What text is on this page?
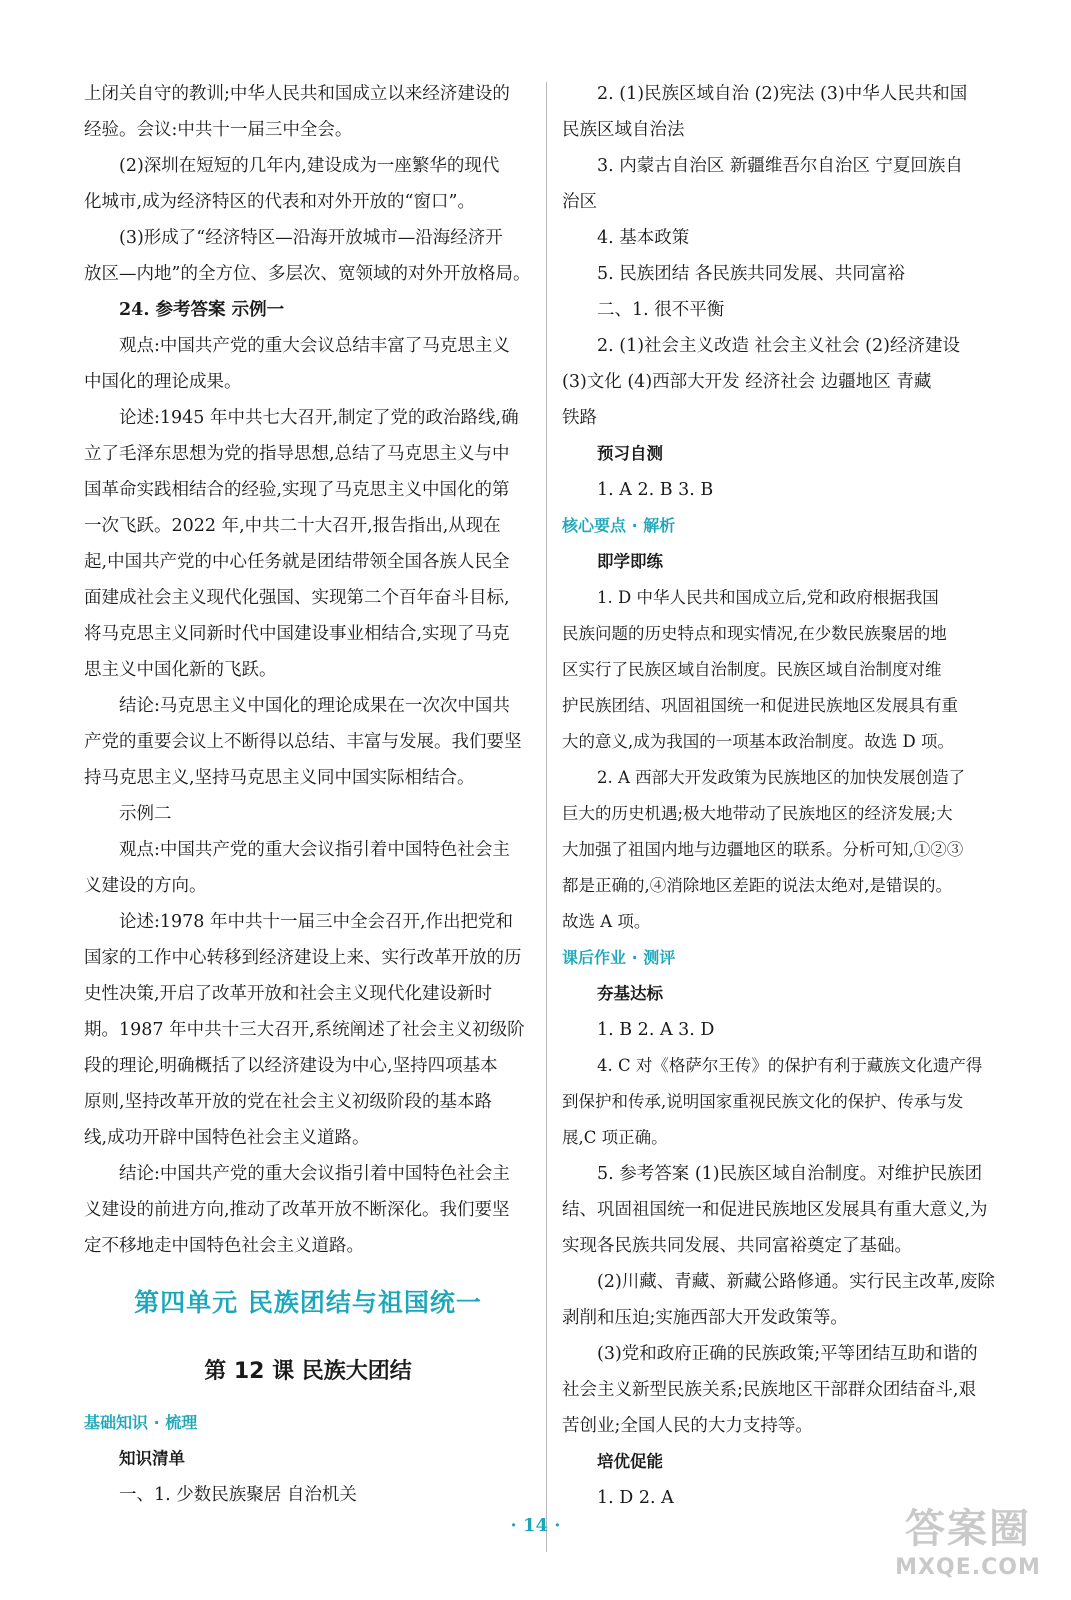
上闭关自守的教训;中华人民共和国成立以来经济建设的
经验。会议:中共十一届三中全会。
(2)深圳在短短的几年内,建设成为一座繁华的现代
化城市,成为经济特区的代表和对外开放的“窗口”。
(3)形成了“经济特区—沿海开放城市—沿海经济开
放区—内地”的全方位、多层次、宽领域的对外开放格局。
24. 参考答案 示例一
观点:中国共产党的重大会议总结丰富了马克思主义
中国化的理论成果。
论述:1945 年中共七大召开,制定了党的政治路线,确
立了毛泽东思想为党的指导思想,总结了马克思主义与中
国革命实践相结合的经验,实现了马克思主义中国化的第
一次飞跃。2022 年,中共二十大召开,报告指出,从现在
起,中国共产党的中心任务就是团结带领全国各族人民全
面建成社会主义现代化强国、实现第二个百年奋斗目标,
将马克思主义同新时代中国建设事业相结合,实现了马克
思主义中国化新的飞跃。
结论:马克思主义中国化的理论成果在一次次中国共
产党的重要会议上不断得以总结、丰富与发展。我们要坚
持马克思主义,坚持马克思主义同中国实际相结合。
示例二
观点:中国共产党的重大会议指引着中国特色社会主
义建设的方向。
论述:1978 年中共十一届三中全会召开,作出把党和
国家的工作中心转移到经济建设上来、实行改革开放的历
史性决策,开启了改革开放和社会主义现代化建设新时
期。1987 年中共十三大召开,系统阐述了社会主义初级阶
段的理论,明确概括了以经济建设为中心,坚持四项基本
原则,坚持改革开放的党在社会主义初级阶段的基本路
线,成功开辟中国特色社会主义道路。
结论:中国共产党的重大会议指引着中国特色社会主
义建设的前进方向,推动了改革开放不断深化。我们要坚
定不移地走中国特色社会主义道路。
第四单元 民族团结与祖国统一
第 12 课 民族大团结
基础知识 · 梳理
知识清单
一、1. 少数民族聚居 自治机关
2. (1)民族区域自治 (2)宪法 (3)中华人民共和国
民族区域自治法
3. 内蒙古自治区 新疆维吾尔自治区 宁夏回族自
治区
4. 基本政策
5. 民族团结 各民族共同发展、共同富裕
二、1. 很不平衡
2. (1)社会主义改造 社会主义社会 (2)经济建设
(3)文化 (4)西部大开发 经济社会 边疆地区 青藏
铁路
预习自测
1. A 2. B 3. B
核心要点 · 解析
即学即练
1. D 中华人民共和国成立后,党和政府根据我国
民族问题的历史特点和现实情况,在少数民族聚居的地
区实行了民族区域自治制度。民族区域自治制度对维
护民族团结、巩固祖国统一和促进民族地区发展具有重
大的意义,成为我国的一项基本政治制度。故选 D 项。
2. A 西部大开发政策为民族地区的加快发展创造了
巨大的历史机遇;极大地带动了民族地区的经济发展;大
大加强了祖国内地与边疆地区的联系。分析可知,①②③
都是正确的,④消除地区差距的说法太绝对,是错误的。
故选 A 项。
课后作业 · 测评
夯基达标
1. B 2. A 3. D
4. C 对《格萨尔王传》的保护有利于藏族文化遗产得
到保护和传承,说明国家重视民族文化的保护、传承与发
展,C 项正确。
5. 参考答案 (1)民族区域自治制度。对维护民族团
结、巩固祖国统一和促进民族地区发展具有重大意义,为
实现各民族共同发展、共同富裕奠定了基础。
(2)川藏、青藏、新藏公路修通。实行民主改革,废除
剥削和压迫;实施西部大开发政策等。
(3)党和政府正确的民族政策;平等团结互助和谐的
社会主义新型民族关系;民族地区干部群众团结奋斗,艰
苦创业;全国人民的大力支持等。
培优促能
1. D 2. A
· 14 ·	答案圈
MXQE.COM
